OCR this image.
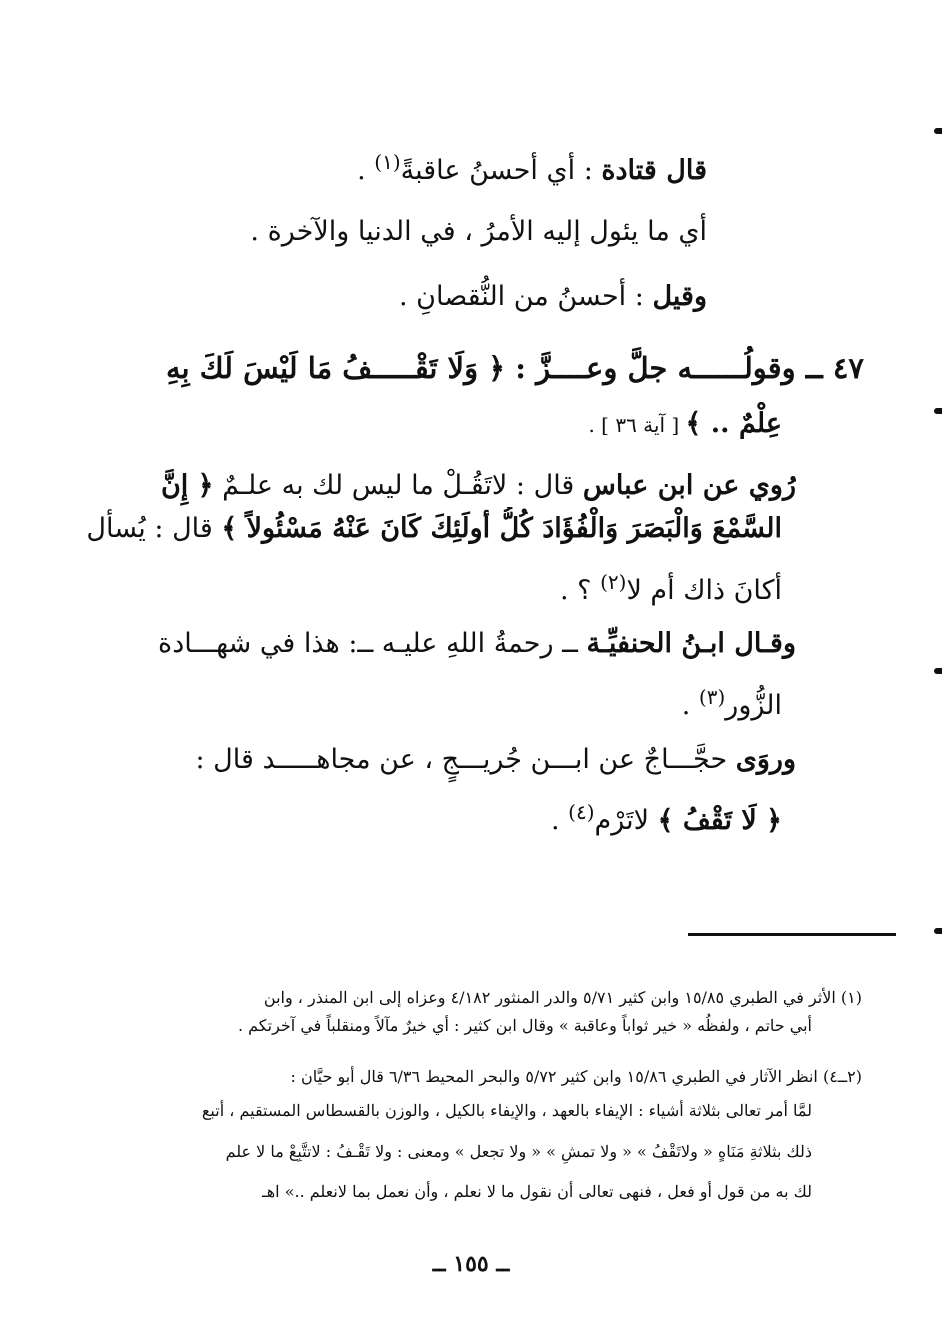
قال قتادة : أي أحسنُ عاقبةً$^{(١)}$ .
أي ما يئول إليه الأمرُ ، في الدنيا والآخرة .
وقيل : أحسنُ من النُّقصانِ .
٤٧ ــ وقولُــــــه جلَّ وعــــزَّ : ﴿ وَلَا تَقْـــــفُ مَا لَيْسَ لَكَ بِهِ
عِلْمٌ .. ﴾ [ آية ٣٦ ] .
رُوي عن ابن عباس قال : لاتَقُـلْ ما ليس لك به علـمٌ ﴿ إِنَّ
السَّمْعَ وَالْبَصَرَ وَالْفُؤَادَ كُلُّ أولَئِكَ كَانَ عَنْهُ مَسْئُولاً ﴾ قال : يُسأل
أكانَ ذاك أم لا$^{(٢)}$ ؟ .
وقـال ابـنُ الحنفيِّـة ــ رحمةُ اللهِ عليـه ــ: هذا في شهـــادة
الزُّور$^{(٣)}$ .
وروَى حجَّـــاجٌ عن ابـــن جُريـــجٍ ، عن مجاهـــــد قال :
﴿ لَا تَقْفُ ﴾ لاتَرْم$^{(٤)}$ .
(١) الأثر في الطبري ١٥/٨٥ وابن كثير ٥/٧١ والدر المنثور ٤/١٨٢ وعزاه إلى ابن المنذر ، وابن
أبي حاتم ، ولفظُه « خير ثواباً وعاقبة » وقال ابن كثير : أي خيرٌ مآلاً ومنقلباً في آخرتكم .
(٢ــ٤) انظر الآثار في الطبري ١٥/٨٦ وابن كثير ٥/٧٢ والبحر المحيط ٦/٣٦ قال أبو حيَّان :
لمَّا أمر تعالى بثلاثة أشياء : الإيفاء بالعهد ، والإيفاء بالكيل ، والوزن بالقسطاس المستقيم ، أتبع
ذلك بثلاثةِ مَنَاهٍ « ولاتَقْفُ » « ولا تمشِ » « ولا تجعل » ومعنى : ولا تَقْـفُ : لاتتَّبِعْ ما لا علم
لك به من قول أو فعل ، فنهى تعالى أن نقول ما لا نعلم ، وأن نعمل بما لانعلم ..» اهـ
ــ ١٥٥ ــ
